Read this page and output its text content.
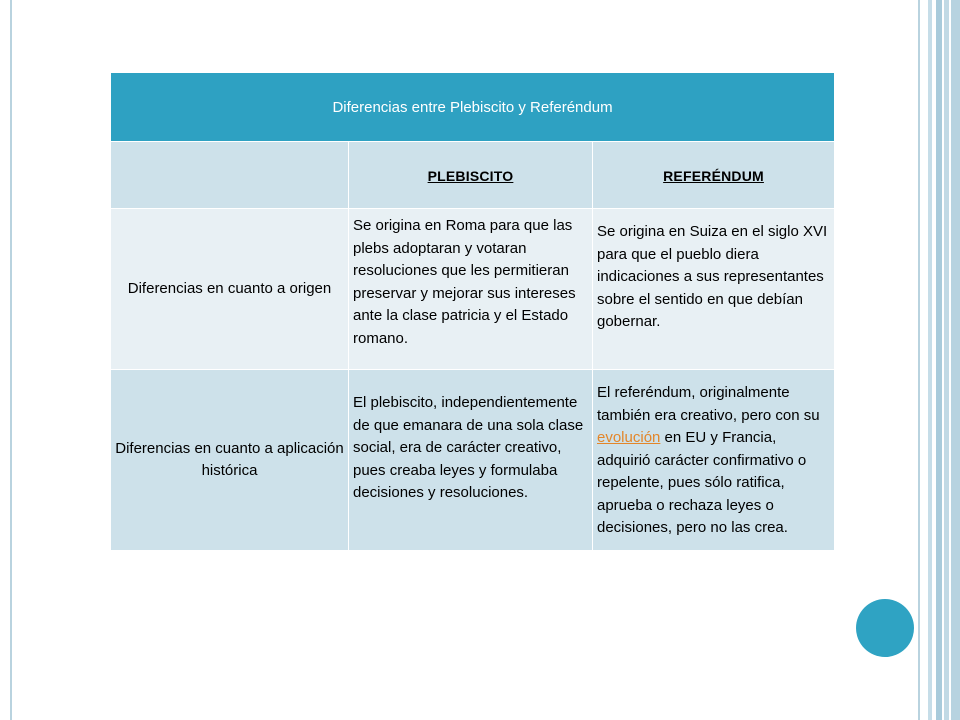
Diferencias entre Plebiscito y Referéndum		

	PLEBISCITO	REFERÉNDUM

Diferencias en cuanto a origen	Se origina en Roma para que las plebs adoptaran y votaran resoluciones que les permitieran preservar y mejorar sus intereses ante la clase patricia y el Estado romano.	Se origina en Suiza en el siglo XVI para que el pueblo diera indicaciones a sus representantes sobre el sentido en que debían gobernar.

Diferencias en cuanto a aplicación histórica	El plebiscito, independientemente de que emanara de una sola clase social, era de carácter creativo, pues creaba leyes y formulaba decisiones y resoluciones.	El referéndum, originalmente también era creativo, pero con su evolución en EU y Francia, adquirió carácter confirmativo o repelente, pues sólo ratifica, aprueba o rechaza leyes o decisiones, pero no las crea.
